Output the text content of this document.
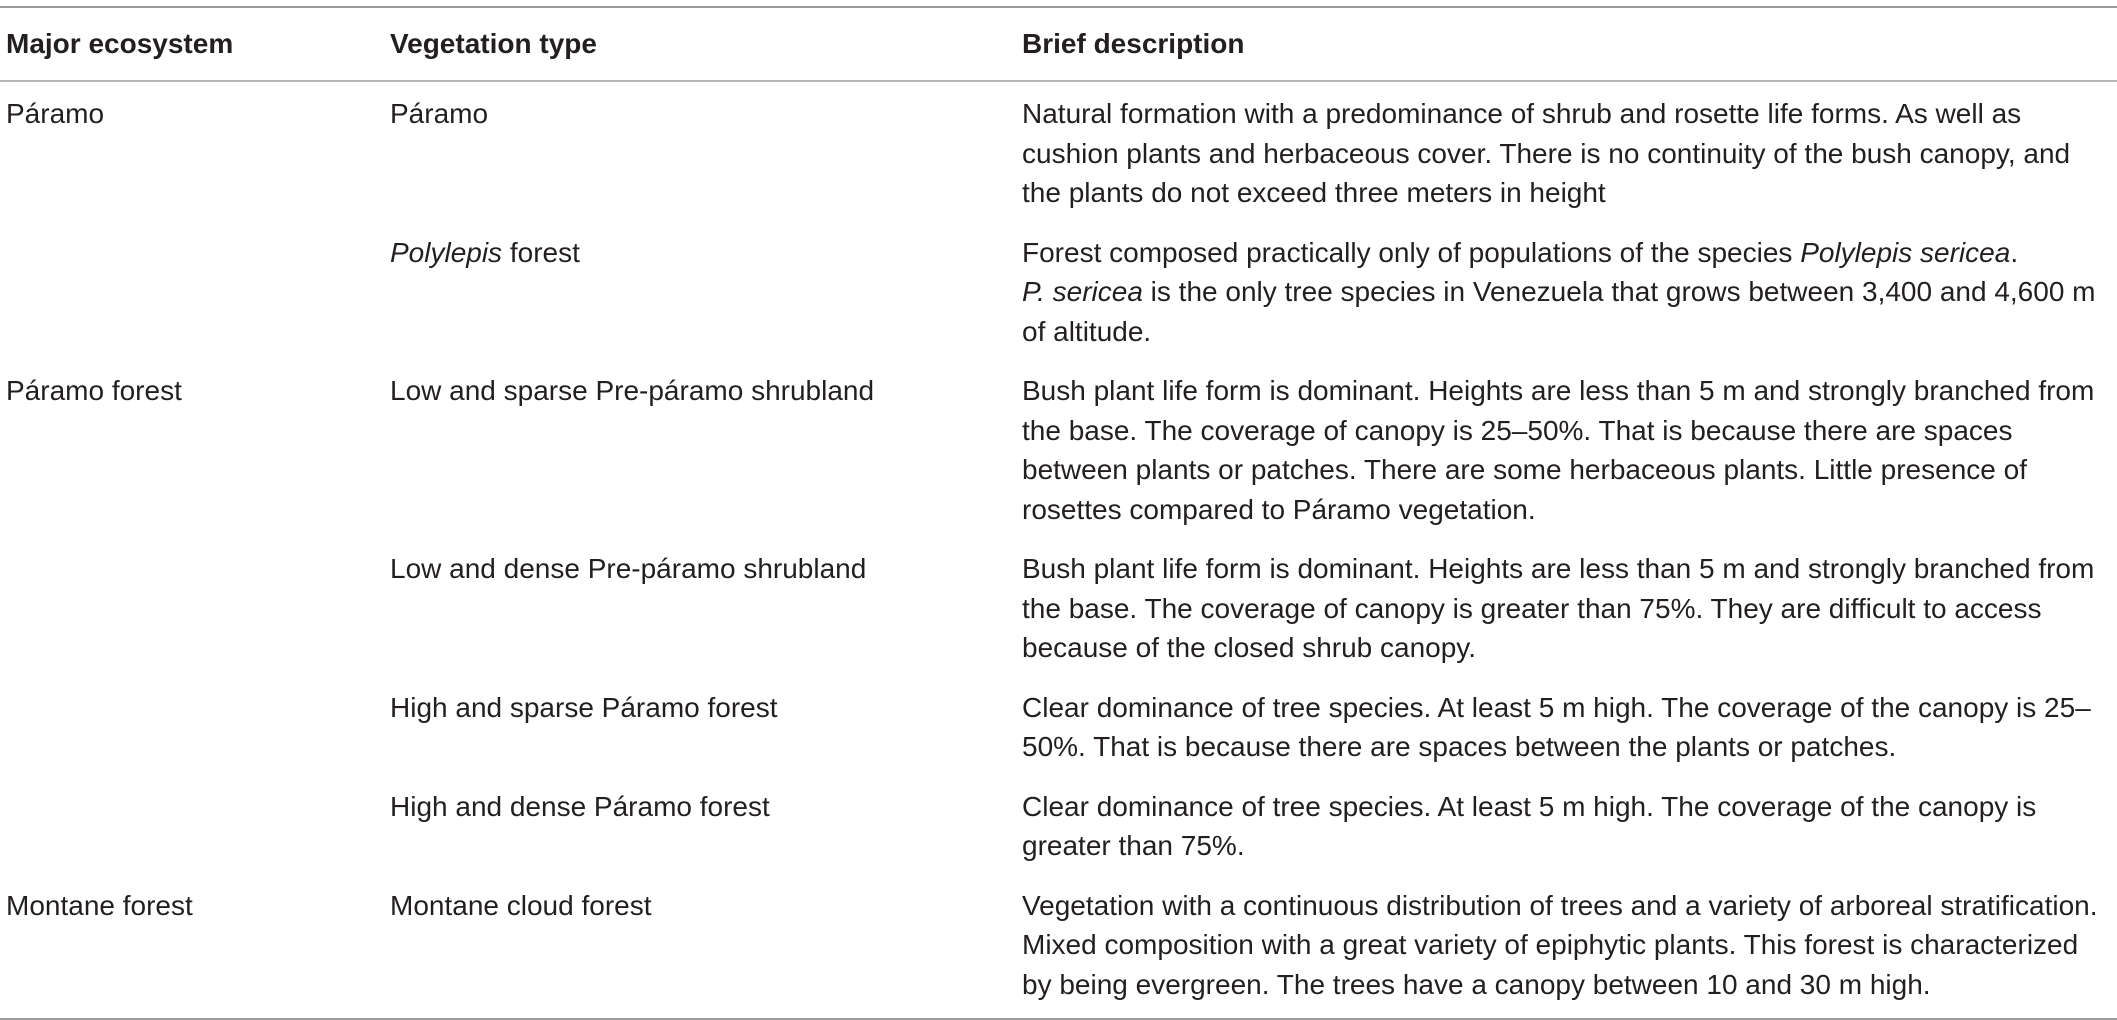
Major ecosystem	Vegetation type	Brief description
Páramo	Páramo	Natural formation with a predominance of shrub and rosette life forms. As well as cushion plants and herbaceous cover. There is no continuity of the bush canopy, and the plants do not exceed three meters in height
	Polylepis forest	Forest composed practically only of populations of the species Polylepis sericea.
P. sericea is the only tree species in Venezuela that grows between 3,400 and 4,600 m of altitude.
Páramo forest	Low and sparse Pre-páramo shrubland	Bush plant life form is dominant. Heights are less than 5 m and strongly branched from the base. The coverage of canopy is 25–50%. That is because there are spaces between plants or patches. There are some herbaceous plants. Little presence of rosettes compared to Páramo vegetation.
	Low and dense Pre-páramo shrubland	Bush plant life form is dominant. Heights are less than 5 m and strongly branched from the base. The coverage of canopy is greater than 75%. They are difficult to access because of the closed shrub canopy.
	High and sparse Páramo forest	Clear dominance of tree species. At least 5 m high. The coverage of the canopy is 25–50%. That is because there are spaces between the plants or patches.
	High and dense Páramo forest	Clear dominance of tree species. At least 5 m high. The coverage of the canopy is greater than 75%.
Montane forest	Montane cloud forest	Vegetation with a continuous distribution of trees and a variety of arboreal stratification. Mixed composition with a great variety of epiphytic plants. This forest is characterized by being evergreen. The trees have a canopy between 10 and 30 m high.
